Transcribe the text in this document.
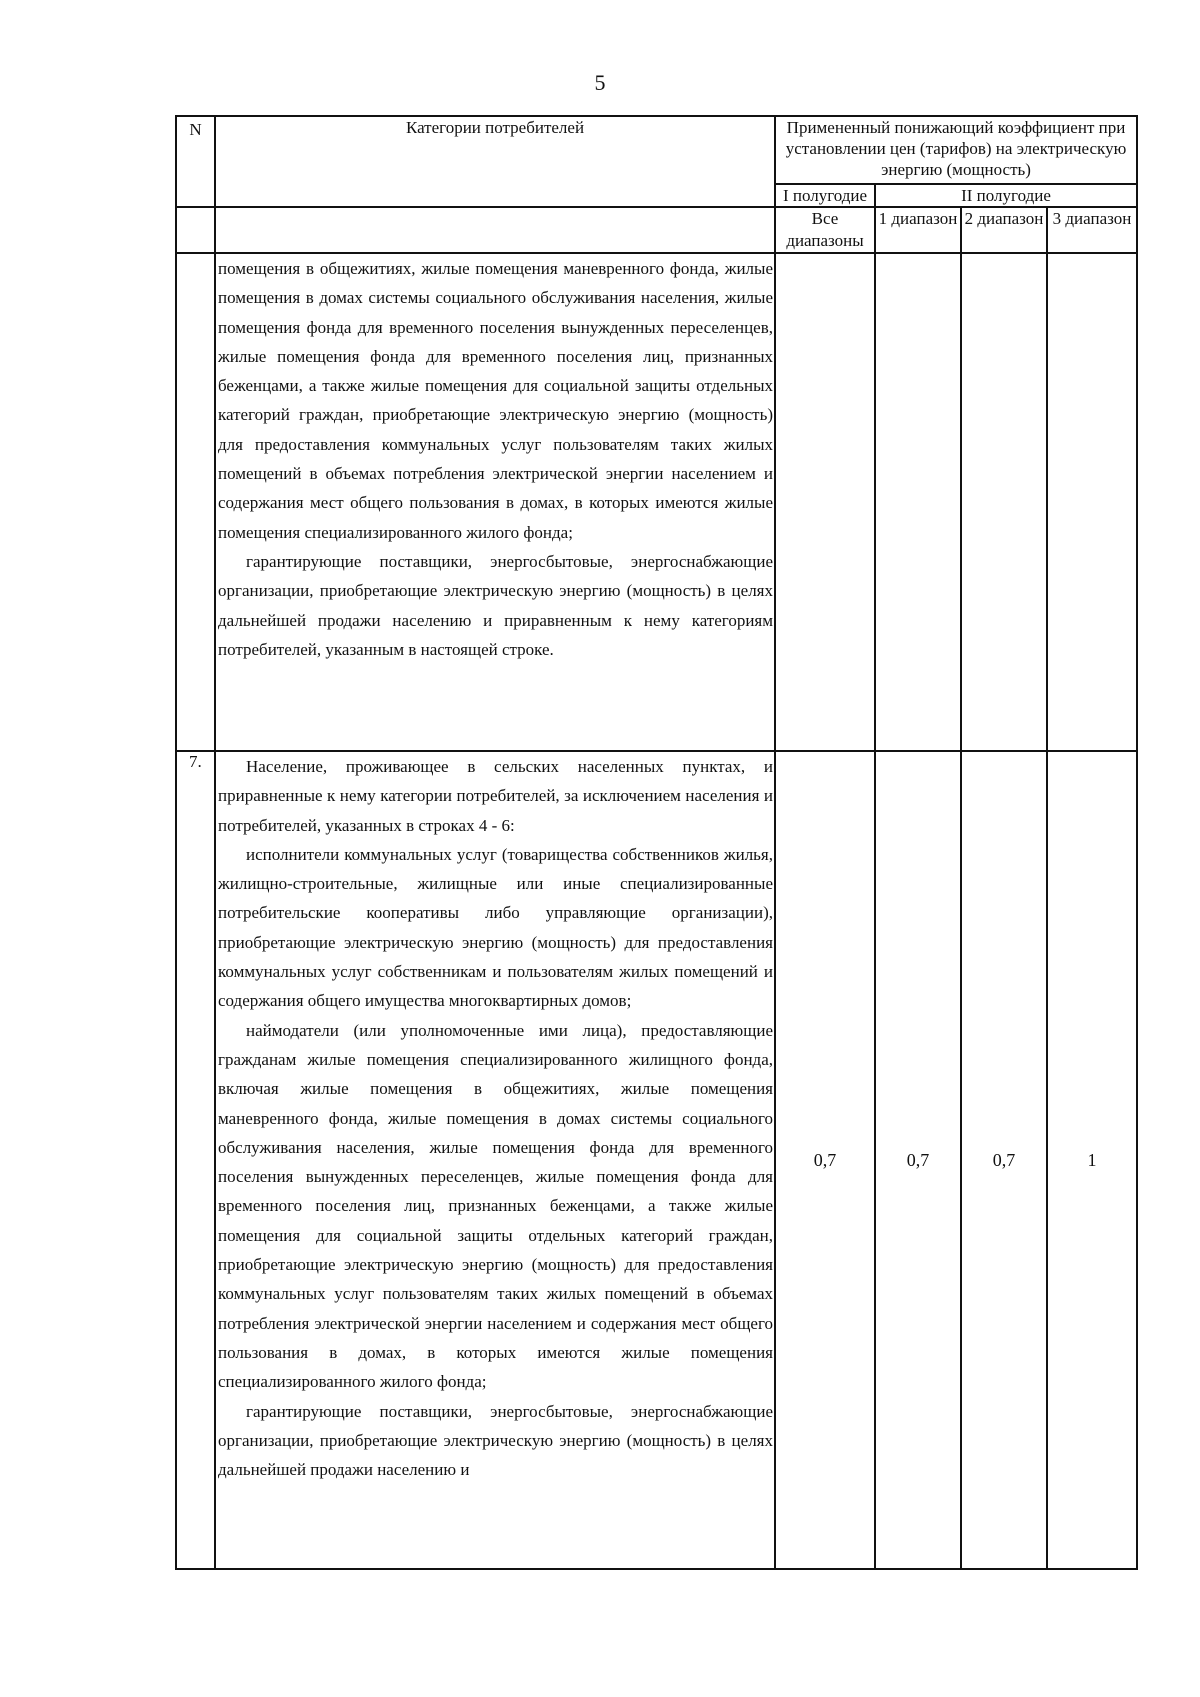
5
N	Категории потребителей	Примененный понижающий коэффициент при установлении цен (тарифов) на электрическую энергию (мощность)			
		I полугодие	II полугодие		
		Все диапазоны	1 диапазон	2 диапазон	3 диапазон

	помещения в общежитиях, жилые помещения маневренного фонда, жилые помещения в домах системы социального обслуживания населения, жилые помещения фонда для временного поселения вынужденных переселенцев, жилые помещения фонда для временного поселения лиц, признанных беженцами, а также жилые помещения для социальной защиты отдельных категорий граждан, приобретающие электрическую энергию (мощность) для предоставления коммунальных услуг пользователям таких жилых помещений в объемах потребления электрической энергии населением и содержания мест общего пользования в домах, в которых имеются жилые помещения специализированного жилого фонда;

гарантирующие поставщики, энергосбытовые, энергоснабжающие организации, приобретающие электрическую энергию (мощность) в целях дальнейшей продажи населению и приравненным к нему категориям потребителей, указанным в настоящей строке.				

7.	Население, проживающее в сельских населенных пунктах, и приравненные к нему категории потребителей, за исключением населения и потребителей, указанных в строках 4 - 6:

исполнители коммунальных услуг (товарищества собственников жилья, жилищно-строительные, жилищные или иные специализированные потребительские кооперативы либо управляющие организации), приобретающие электрическую энергию (мощность) для предоставления коммунальных услуг собственникам и пользователям жилых помещений и содержания общего имущества многоквартирных домов;

наймодатели (или уполномоченные ими лица), предоставляющие гражданам жилые помещения специализированного жилищного фонда, включая жилые помещения в общежитиях, жилые помещения маневренного фонда, жилые помещения в домах системы социального обслуживания населения, жилые помещения фонда для временного поселения вынужденных переселенцев, жилые помещения фонда для временного поселения лиц, признанных беженцами, а также жилые помещения для социальной защиты отдельных категорий граждан, приобретающие электрическую энергию (мощность) для предоставления коммунальных услуг пользователям таких жилых помещений в объемах потребления электрической энергии населением и содержания мест общего пользования в домах, в которых имеются жилые помещения специализированного жилого фонда;

гарантирующие поставщики, энергосбытовые, энергоснабжающие организации, приобретающие электрическую энергию (мощность) в целях дальнейшей продажи населению и	0,7	0,7	0,7	1
